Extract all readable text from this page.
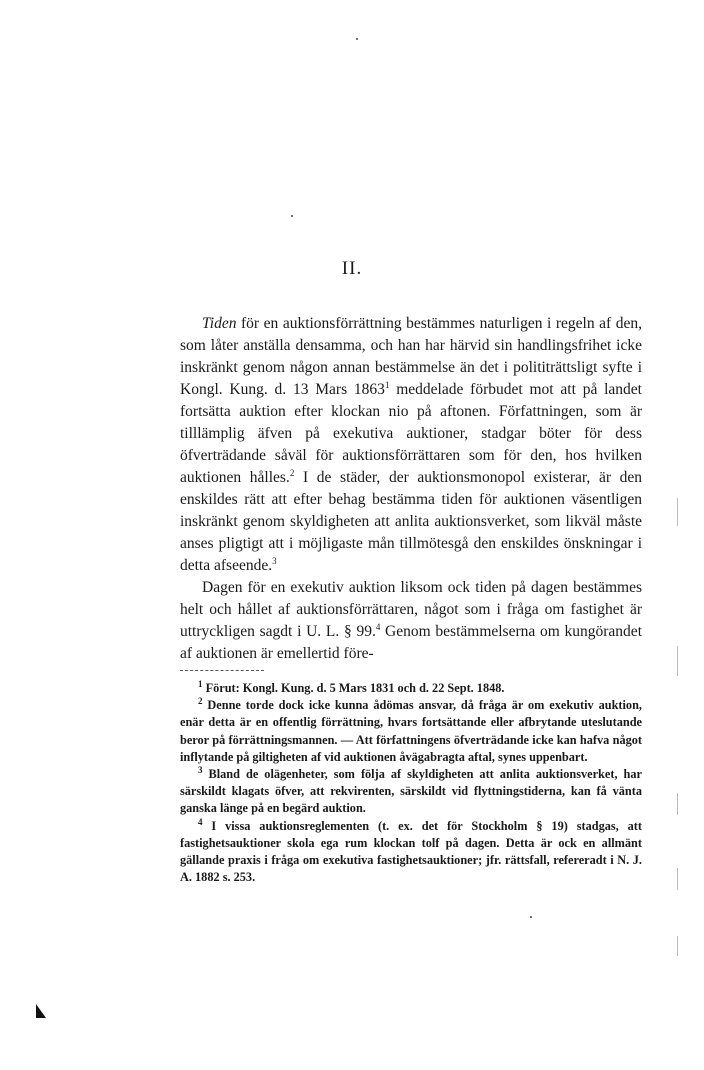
II.

Tiden för en auktionsförrättning bestämmes naturligen i regeln af den, som låter anställa densamma, och han har härvid sin handlingsfrihet icke inskränkt genom någon annan bestämmelse än det i polititrättsligt syfte i Kongl. Kung. d. 13 Mars 1863$^1$ meddelade förbudet mot att på landet fortsätta auktion efter klockan nio på aftonen. Författningen, som är tilllämplig äfven på exekutiva auktioner, stadgar böter för dess öfverträdande såväl för auktionsförrättaren som för den, hos hvilken auktionen hålles.$^2$ I de städer, der auktionsmonopol existerar, är den enskildes rätt att efter behag bestämma tiden för auktionen väsentligen inskränkt genom skyldigheten att anlita auktionsverket, som likväl måste anses pligtigt att i möjligaste mån tillmötesgå den enskildes önskningar i detta afseende.$^3$

Dagen för en exekutiv auktion liksom ock tiden på dagen bestämmes helt och hållet af auktionsförrättaren, något som i fråga om fastighet är uttryckligen sagdt i U. L. § 99.$^4$ Genom bestämmelserna om kungörandet af auktionen är emellertid före-

$^1$ Förut: Kongl. Kung. d. 5 Mars 1831 och d. 22 Sept. 1848.

$^2$ Denne torde dock icke kunna ådömas ansvar, då fråga är om exekutiv auktion, enär detta är en offentlig förrättning, hvars fortsättande eller afbrytande uteslutande beror på förrättningsmannen. — Att författningens öfverträdande icke kan hafva något inflytande på giltigheten af vid auktionen åvägabragta aftal, synes uppenbart.

$^3$ Bland de olägenheter, som följa af skyldigheten att anlita auktionsverket, har särskildt klagats öfver, att rekvirenten, särskildt vid flyttningstiderna, kan få vänta ganska länge på en begärd auktion.

$^4$ I vissa auktionsreglementen (t. ex. det för Stockholm § 19) stadgas, att fastighetsauktioner skola ega rum klockan tolf på dagen. Detta är ock en allmänt gällande praxis i fråga om exekutiva fastighetsauktioner; jfr. rättsfall, refereradt i N. J. A. 1882 s. 253.
